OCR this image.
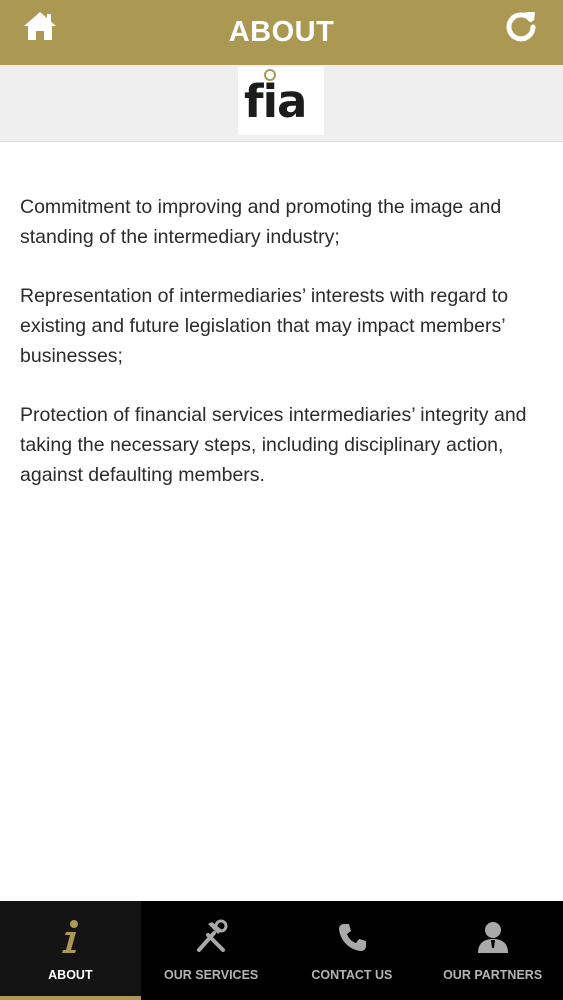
ABOUT
fia

Commitment to improving and promoting the image and standing of the intermediary industry;

Representation of intermediaries’ interests with regard to existing and future legislation that may impact members’ businesses;

Protection of financial services intermediaries’ integrity and taking the necessary steps, including disciplinary action, against defaulting members.

ABOUT	OUR SERVICES	CONTACT US	OUR PARTNERS
